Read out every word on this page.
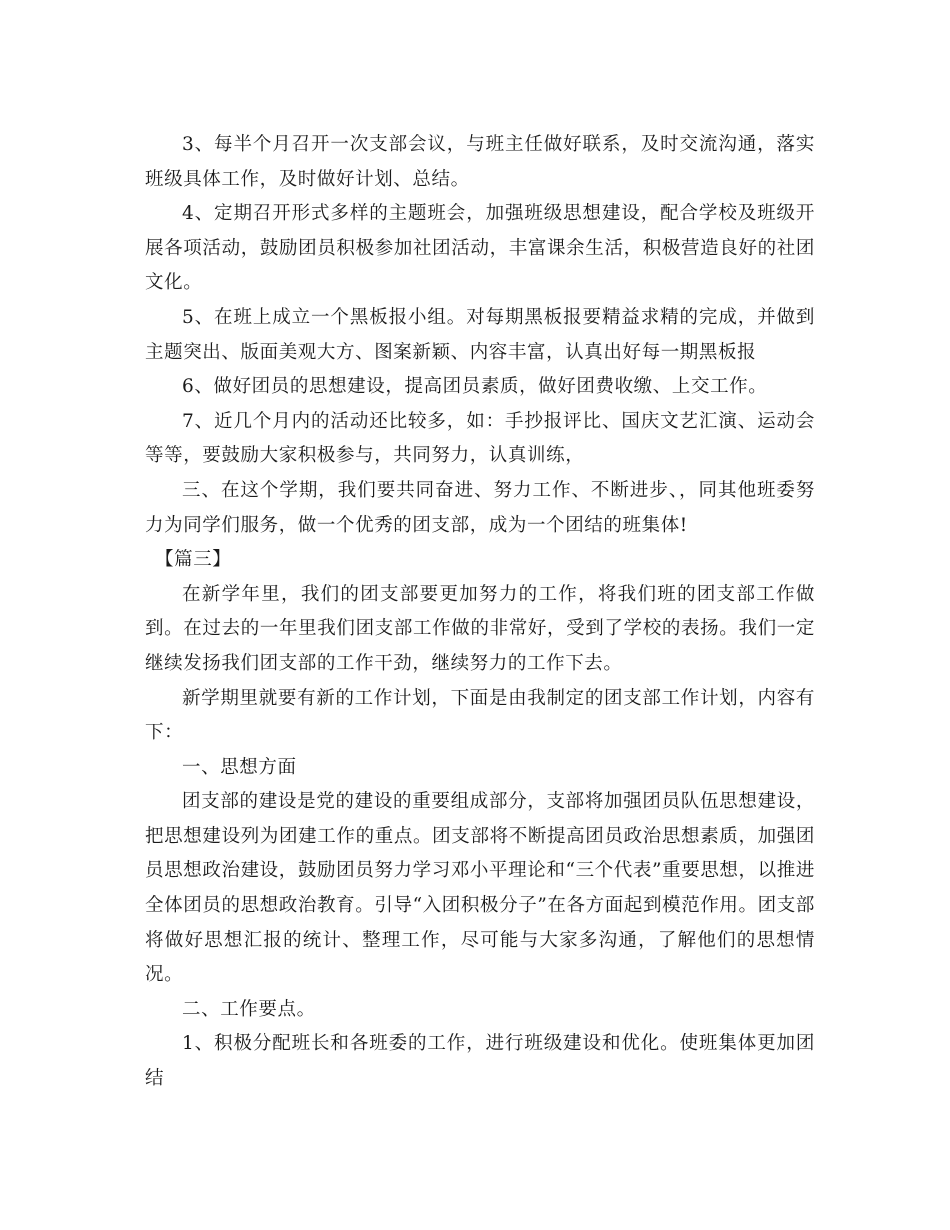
3、每半个月召开一次支部会议，与班主任做好联系，及时交流沟通，落实班级具体工作，及时做好计划、总结。

4、定期召开形式多样的主题班会，加强班级思想建设，配合学校及班级开展各项活动，鼓励团员积极参加社团活动，丰富课余生活，积极营造良好的社团文化。

5、在班上成立一个黑板报小组。对每期黑板报要精益求精的完成，并做到主题突出、版面美观大方、图案新颖、内容丰富，认真出好每一期黑板报

6、做好团员的思想建设，提高团员素质，做好团费收缴、上交工作。

7、近几个月内的活动还比较多，如：手抄报评比、国庆文艺汇演、运动会等等，要鼓励大家积极参与，共同努力，认真训练，

三、在这个学期，我们要共同奋进、努力工作、不断进步、，同其他班委努力为同学们服务，做一个优秀的团支部，成为一个团结的班集体!

【篇三】

在新学年里，我们的团支部要更加努力的工作，将我们班的团支部工作做到。在过去的一年里我们团支部工作做的非常好，受到了学校的表扬。我们一定继续发扬我们团支部的工作干劲，继续努力的工作下去。

新学期里就要有新的工作计划，下面是由我制定的团支部工作计划，内容有下：

一、思想方面

团支部的建设是党的建设的重要组成部分，支部将加强团员队伍思想建设，把思想建设列为团建工作的重点。团支部将不断提高团员政治思想素质，加强团员思想政治建设，鼓励团员努力学习邓小平理论和“三个代表”重要思想，以推进全体团员的思想政治教育。引导“入团积极分子”在各方面起到模范作用。团支部将做好思想汇报的统计、整理工作，尽可能与大家多沟通，了解他们的思想情况。

二、工作要点。

1、积极分配班长和各班委的工作，进行班级建设和优化。使班集体更加团结
